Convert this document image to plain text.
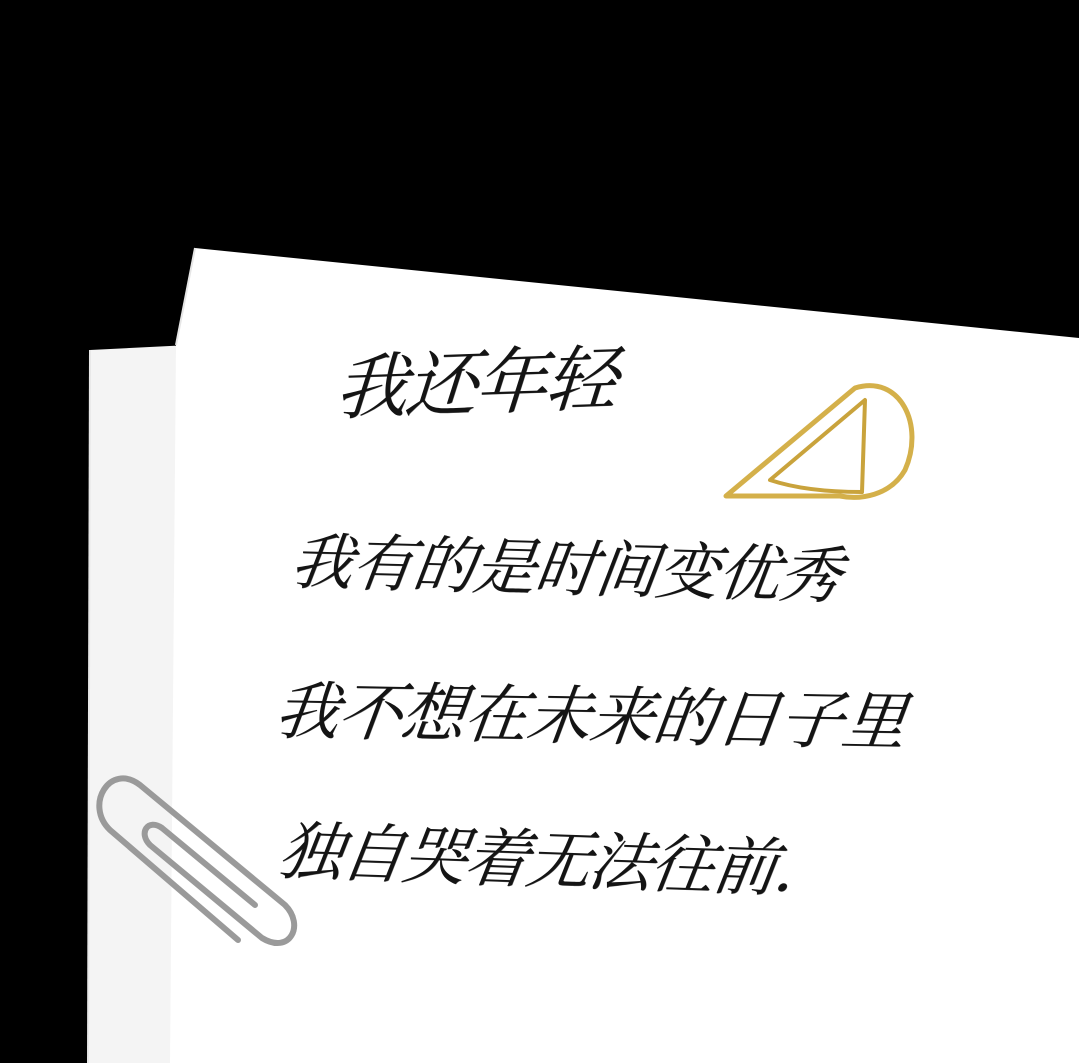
我还年轻
我有的是时间变优秀
我不想在未来的日子里
独自哭着无法往前.
